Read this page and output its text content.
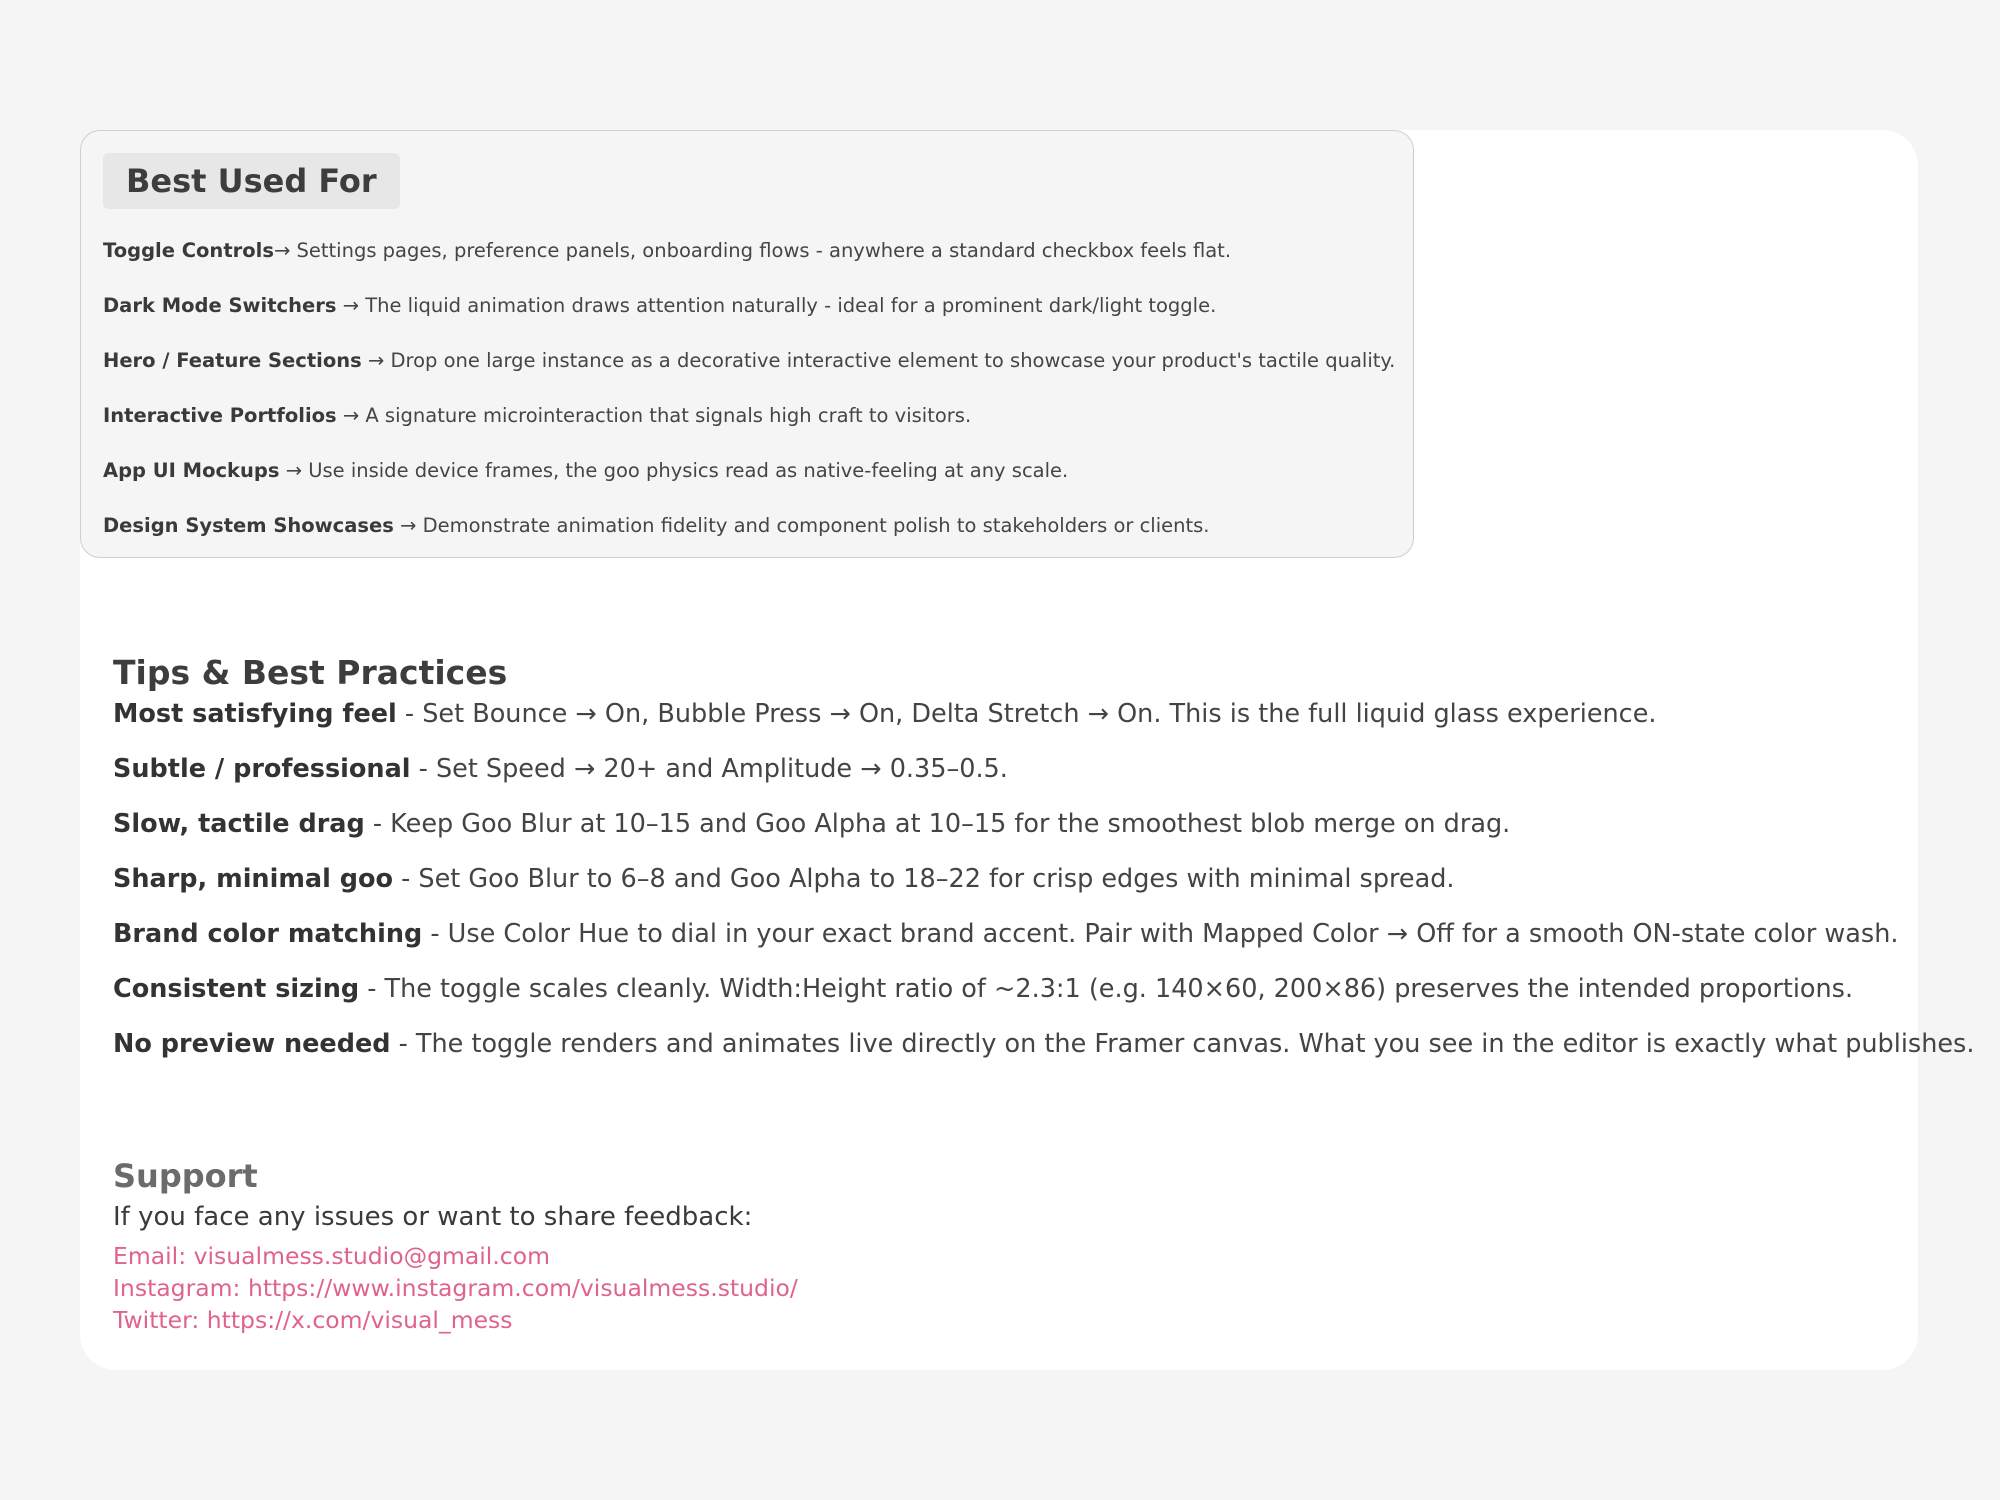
Best Used For
Toggle Controls→ Settings pages, preference panels, onboarding flows - anywhere a standard checkbox feels flat.
Dark Mode Switchers → The liquid animation draws attention naturally - ideal for a prominent dark/light toggle.
Hero / Feature Sections → Drop one large instance as a decorative interactive element to showcase your product's tactile quality.
Interactive Portfolios → A signature microinteraction that signals high craft to visitors.
App UI Mockups → Use inside device frames, the goo physics read as native-feeling at any scale.
Design System Showcases → Demonstrate animation fidelity and component polish to stakeholders or clients.
Tips & Best Practices
Most satisfying feel - Set Bounce → On, Bubble Press → On, Delta Stretch → On. This is the full liquid glass experience.
Subtle / professional - Set Speed → 20+ and Amplitude → 0.35–0.5.
Slow, tactile drag - Keep Goo Blur at 10–15 and Goo Alpha at 10–15 for the smoothest blob merge on drag.
Sharp, minimal goo - Set Goo Blur to 6–8 and Goo Alpha to 18–22 for crisp edges with minimal spread.
Brand color matching - Use Color Hue to dial in your exact brand accent. Pair with Mapped Color → Off for a smooth ON-state color wash.
Consistent sizing - The toggle scales cleanly. Width:Height ratio of ~2.3:1 (e.g. 140×60, 200×86) preserves the intended proportions.
No preview needed - The toggle renders and animates live directly on the Framer canvas. What you see in the editor is exactly what publishes.
Support
If you face any issues or want to share feedback:
Email: visualmess.studio@gmail.com
Instagram: https://www.instagram.com/visualmess.studio/
Twitter: https://x.com/visual_mess
